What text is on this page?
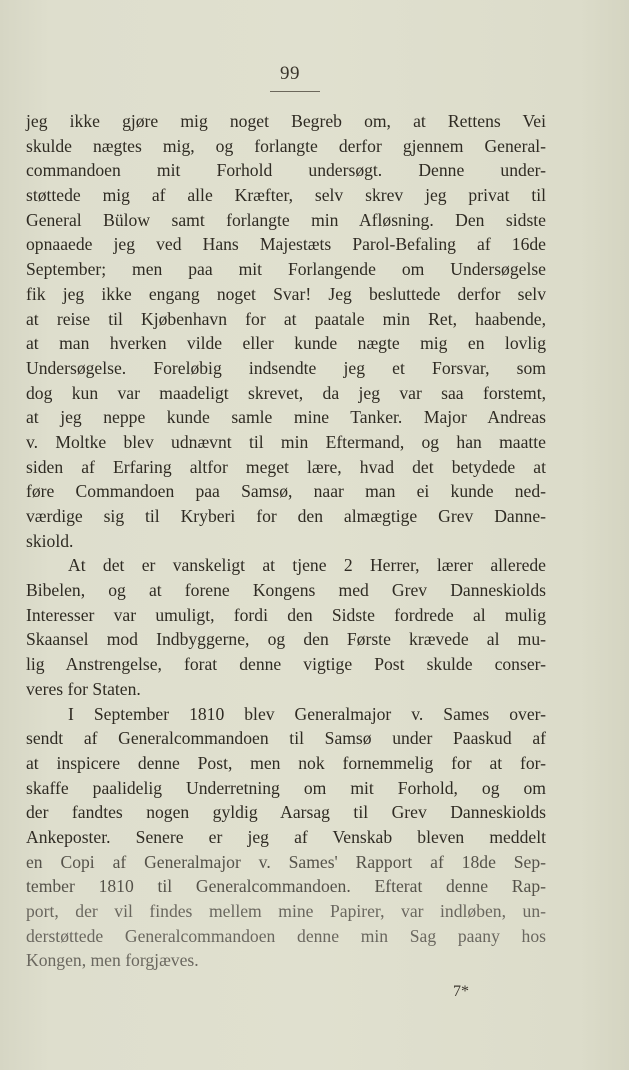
99
jeg ikke gjøre mig noget Begreb om, at Rettens Vei
skulde nægtes mig, og forlangte derfor gjennem General-
commandoen mit Forhold undersøgt. Denne under-
støttede mig af alle Kræfter, selv skrev jeg privat til
General Bülow samt forlangte min Afløsning. Den sidste
opnaaede jeg ved Hans Majestæts Parol-Befaling af 16de
September; men paa mit Forlangende om Undersøgelse
fik jeg ikke engang noget Svar! Jeg besluttede derfor selv
at reise til Kjøbenhavn for at paatale min Ret, haabende,
at man hverken vilde eller kunde nægte mig en lovlig
Undersøgelse. Foreløbig indsendte jeg et Forsvar, som
dog kun var maadeligt skrevet, da jeg var saa forstemt,
at jeg neppe kunde samle mine Tanker. Major Andreas
v. Moltke blev udnævnt til min Eftermand, og han maatte
siden af Erfaring altfor meget lære, hvad det betydede at
føre Commandoen paa Samsø, naar man ei kunde ned-
værdige sig til Kryberi for den almægtige Grev Danne-
skiold.
At det er vanskeligt at tjene 2 Herrer, lærer allerede
Bibelen, og at forene Kongens med Grev Danneskiolds
Interesser var umuligt, fordi den Sidste fordrede al mulig
Skaansel mod Indbyggerne, og den Første krævede al mu-
lig Anstrengelse, forat denne vigtige Post skulde conser-
veres for Staten.
I September 1810 blev Generalmajor v. Sames over-
sendt af Generalcommandoen til Samsø under Paaskud af
at inspicere denne Post, men nok fornemmelig for at for-
skaffe paalidelig Underretning om mit Forhold, og om
der fandtes nogen gyldig Aarsag til Grev Danneskiolds
Ankeposter. Senere er jeg af Venskab bleven meddelt
en Copi af Generalmajor v. Sames' Rapport af 18de Sep-
tember 1810 til Generalcommandoen. Efterat denne Rap-
port, der vil findes mellem mine Papirer, var indløben, un-
derstøttede Generalcommandoen denne min Sag paany hos
Kongen, men forgjæves.
7*
